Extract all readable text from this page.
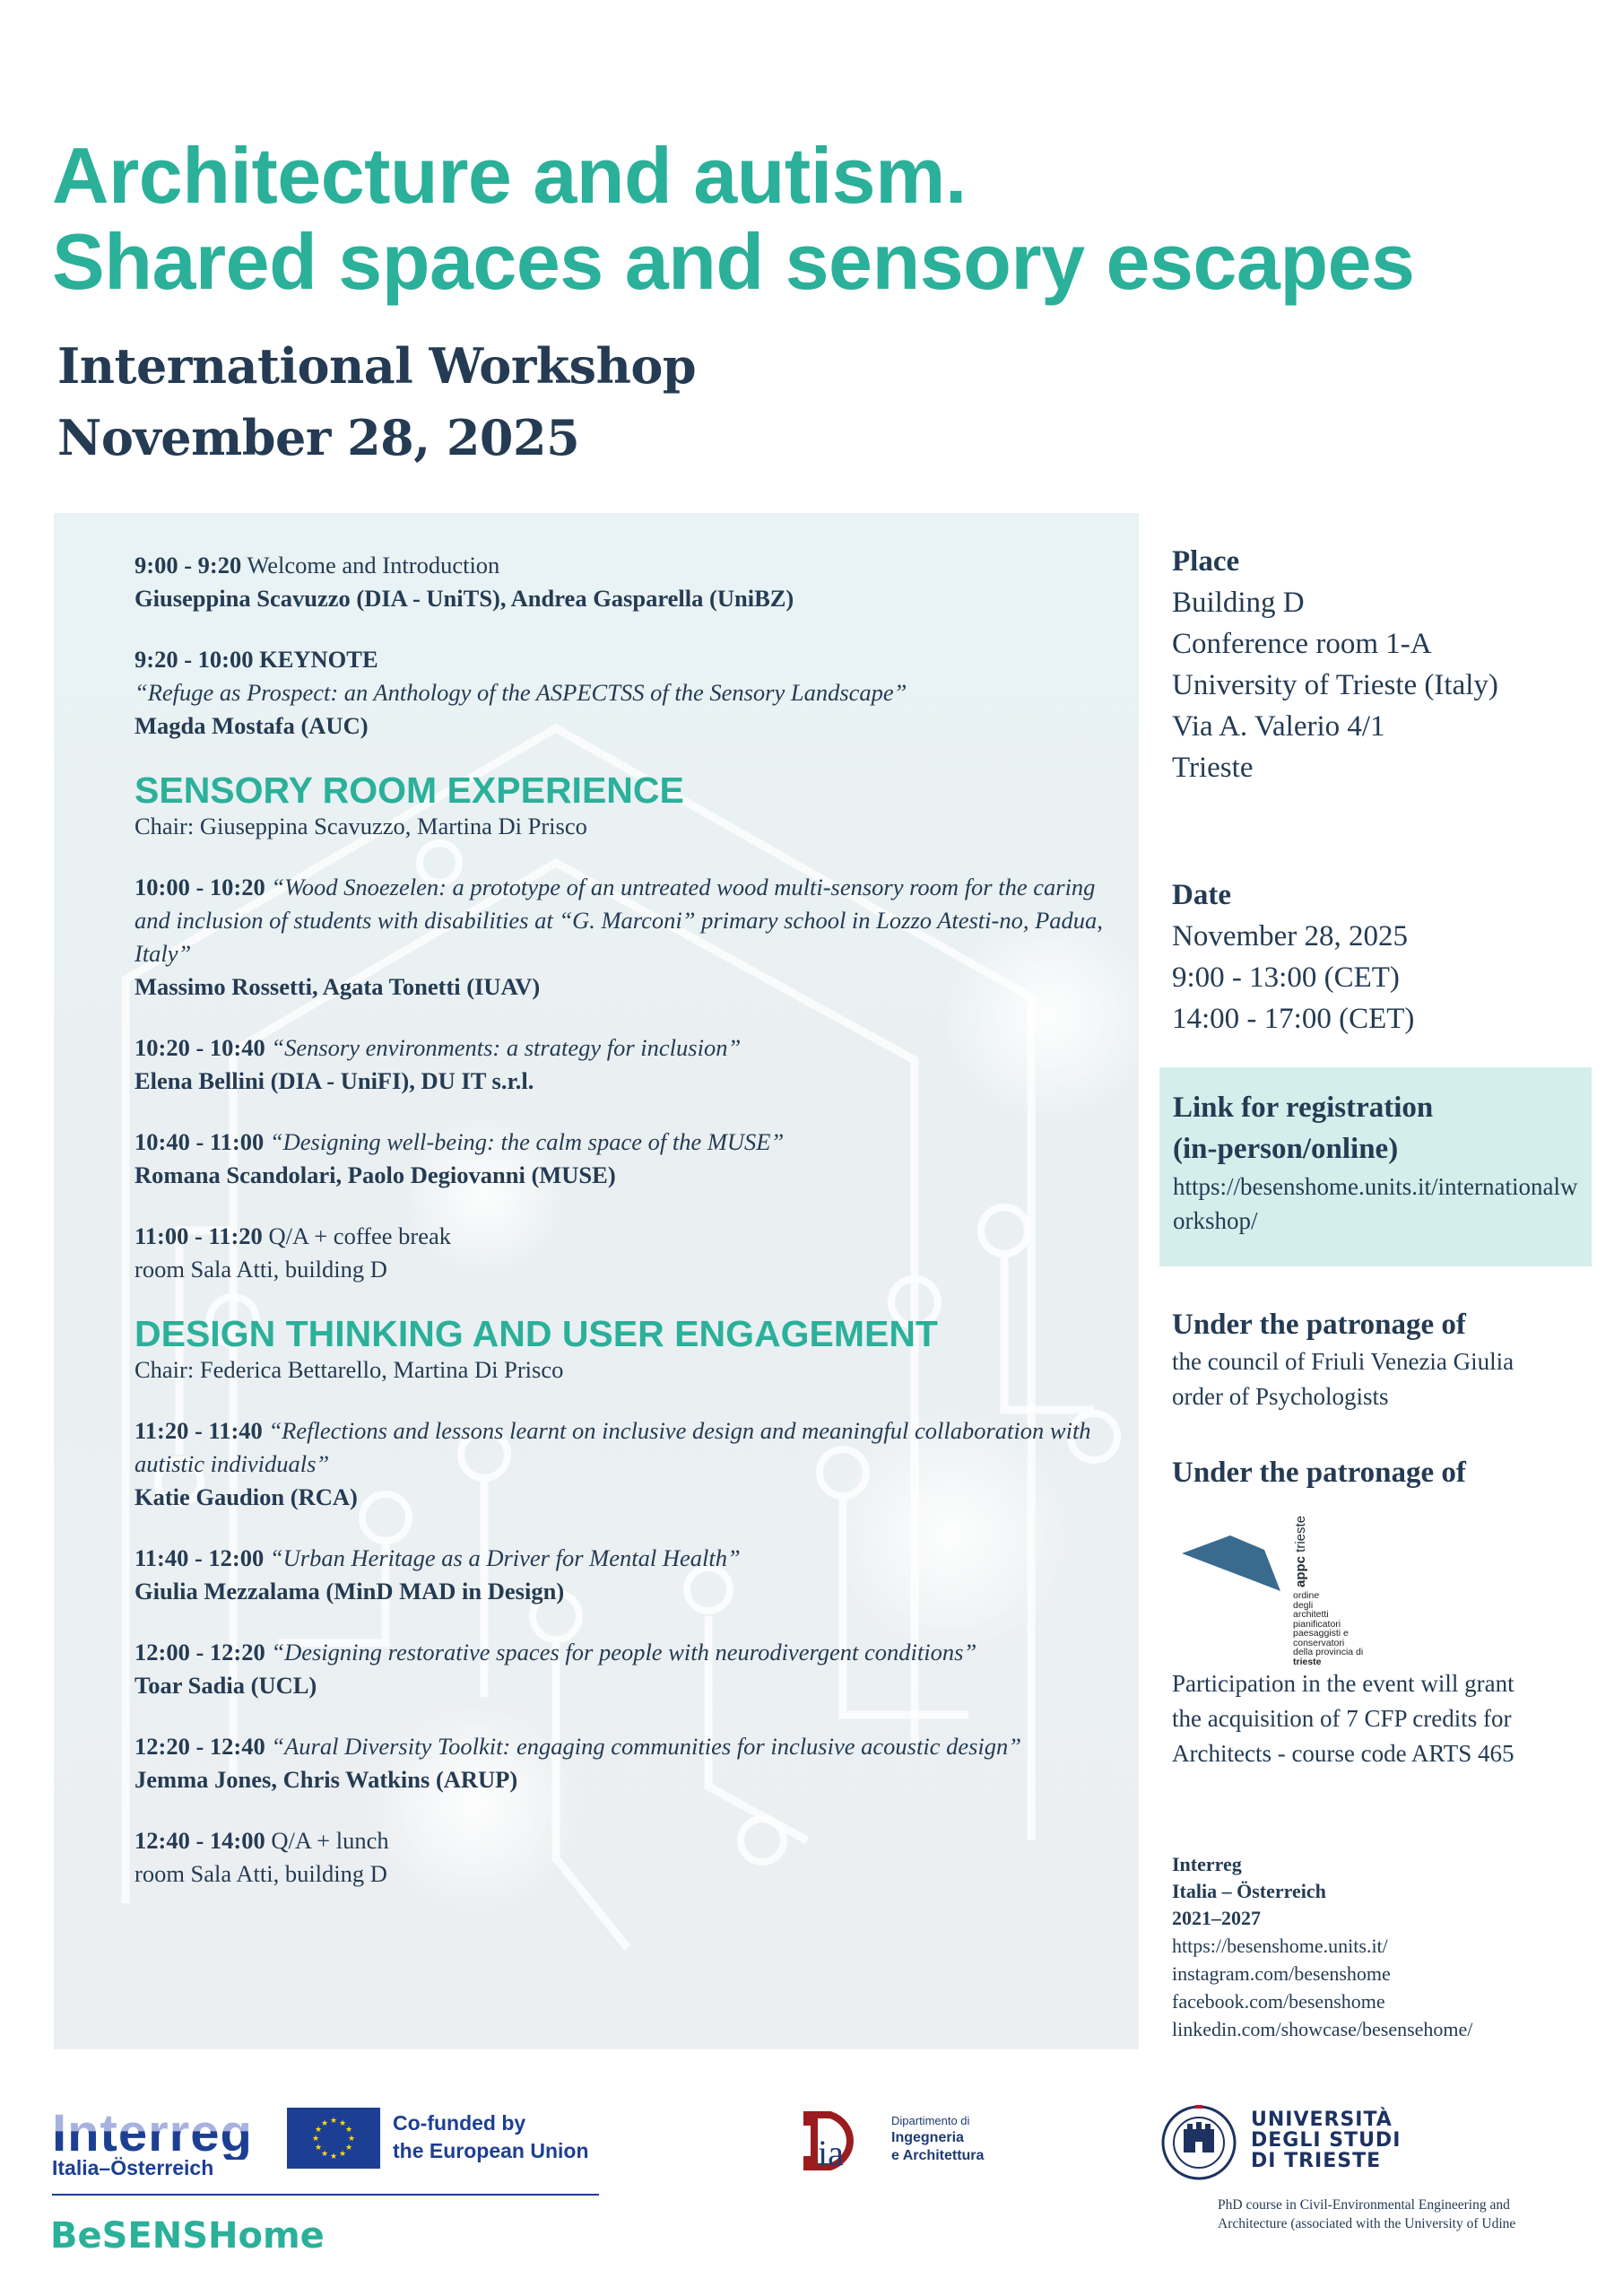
Architecture and autism.
Shared spaces and sensory escapes
International Workshop
November 28, 2025
9:00 - 9:20 Welcome and Introduction
Giuseppina Scavuzzo (DIA - UniTS), Andrea Gasparella (UniBZ)
9:20 - 10:00 KEYNOTE
“Refuge as Prospect: an Anthology of the ASPECTSS of the Sensory Landscape”
Magda Mostafa (AUC)
SENSORY ROOM EXPERIENCE
Chair: Giuseppina Scavuzzo, Martina Di Prisco
10:00 - 10:20 “Wood Snoezelen: a prototype of an untreated wood multi-sensory room for the caring and inclusion of students with disabilities at “G. Marconi” primary school in Lozzo Atesti-no, Padua, Italy”
Massimo Rossetti, Agata Tonetti (IUAV)
10:20 - 10:40 “Sensory environments: a strategy for inclusion”
Elena Bellini (DIA - UniFI), DU IT s.r.l.
10:40 - 11:00 “Designing well-being: the calm space of the MUSE”
Romana Scandolari, Paolo Degiovanni (MUSE)
11:00 - 11:20 Q/A + coffee break
room Sala Atti, building D
DESIGN THINKING AND USER ENGAGEMENT
Chair: Federica Bettarello, Martina Di Prisco
11:20 - 11:40 “Reflections and lessons learnt on inclusive design and meaningful collaboration with autistic individuals”
Katie Gaudion (RCA)
11:40 - 12:00 “Urban Heritage as a Driver for Mental Health”
Giulia Mezzalama (MinD MAD in Design)
12:00 - 12:20 “Designing restorative spaces for people with neurodivergent conditions”
Toar Sadia (UCL)
12:20 - 12:40 “Aural Diversity Toolkit: engaging communities for inclusive acoustic design”
Jemma Jones, Chris Watkins (ARUP)
12:40 - 14:00 Q/A + lunch
room Sala Atti, building D
Place
Building D
Conference room 1-A
University of Trieste (Italy)
Via A. Valerio 4/1
Trieste
Date
November 28, 2025
9:00 - 13:00 (CET)
14:00 - 17:00 (CET)
Link for registration
(in-person/online)
https://besenshome.units.it/internationalworkshop/
Under the patronage of
the council of Friuli Venezia Giulia
order of Psychologists
Under the patronage of
appc trieste
ordine
degli
architetti
pianificatori
paesaggisti e
conservatori
della provincia di
trieste
Participation in the event will grant
the acquisition of 7 CFP credits for
Architects - course code ARTS 465
Interreg
Italia – Österreich
2021–2027
https://besenshome.units.it/
instagram.com/besenshome
facebook.com/besenshome
linkedin.com/showcase/besensehome/
Interreg
Italia–Österreich
★ ★
★
★
★
★
★
★
★
★
★
★	Co-funded by
the European Union
BeSENSHome
ia
Dipartimento di
Ingegneria
e Architettura
UNIVERSITÀ
DEGLI STUDI
DI TRIESTE
PhD course in Civil-Environmental Engineering and
Architecture (associated with the University of Udine
